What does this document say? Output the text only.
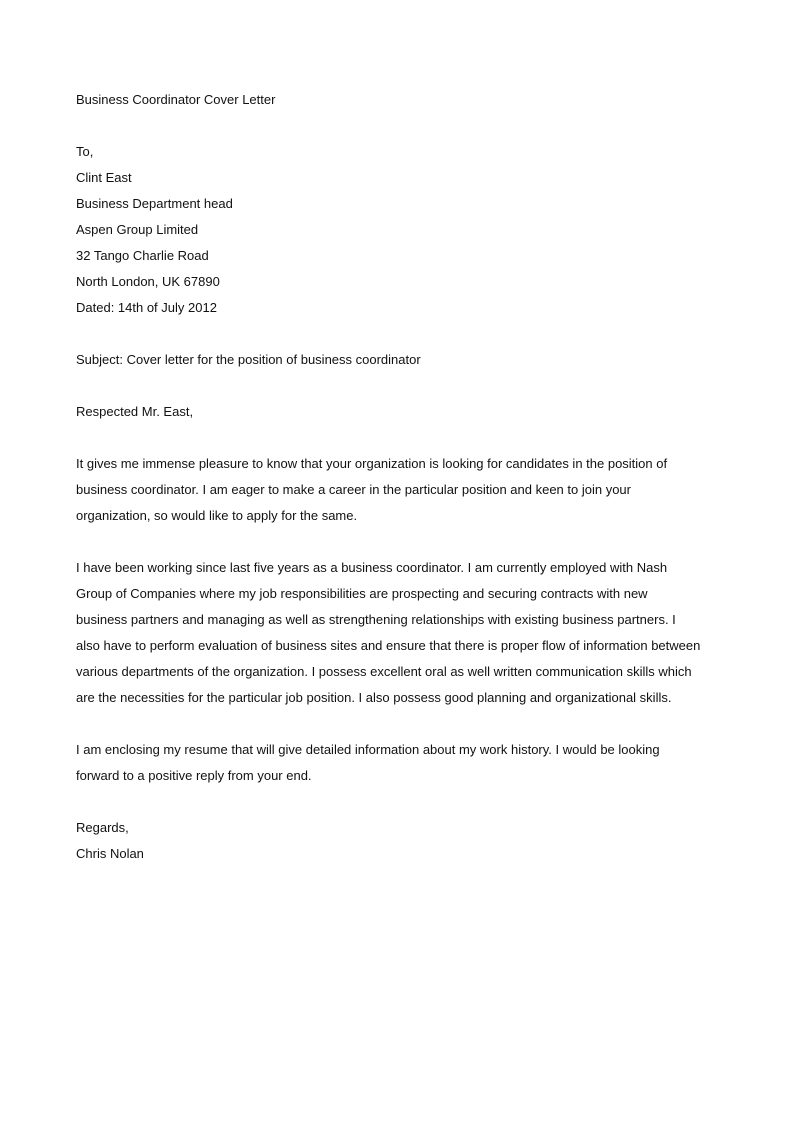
Business Coordinator Cover Letter
To,
Clint East
Business Department head
Aspen Group Limited
32 Tango Charlie Road
North London, UK 67890
Dated: 14th of July 2012
Subject: Cover letter for the position of business coordinator
Respected Mr. East,
It gives me immense pleasure to know that your organization is looking for candidates in the position of
business coordinator. I am eager to make a career in the particular position and keen to join your
organization, so would like to apply for the same.
I have been working since last five years as a business coordinator. I am currently employed with Nash
Group of Companies where my job responsibilities are prospecting and securing contracts with new
business partners and managing as well as strengthening relationships with existing business partners. I
also have to perform evaluation of business sites and ensure that there is proper flow of information between
various departments of the organization. I possess excellent oral as well written communication skills which
are the necessities for the particular job position. I also possess good planning and organizational skills.
I am enclosing my resume that will give detailed information about my work history. I would be looking
forward to a positive reply from your end.
Regards,
Chris Nolan
